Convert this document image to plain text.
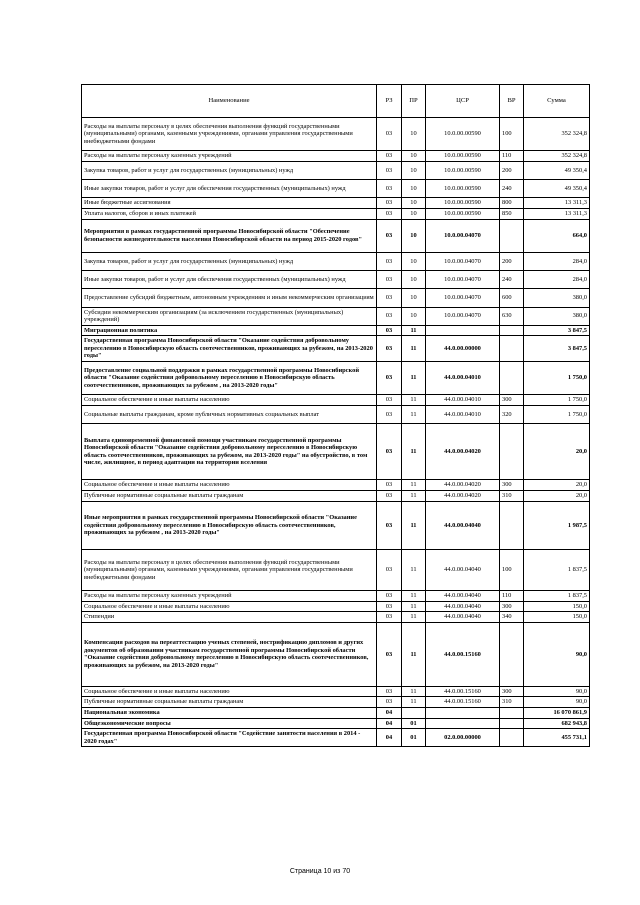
Наименование	РЗ	ПР	ЦСР	ВР	Сумма
Расходы на выплаты персоналу в целях обеспечения выполнения функций государственными (муниципальными) органами, казенными учреждениями, органами управления государственными внебюджетными фондами	03	10	10.0.00.00590	100	352 324,8
Расходы на выплаты персоналу казенных учреждений	03	10	10.0.00.00590	110	352 324,8
Закупка товаров, работ и услуг для государственных (муниципальных) нужд	03	10	10.0.00.00590	200	49 350,4
Иные закупки товаров, работ и услуг для обеспечения государственных (муниципальных) нужд	03	10	10.0.00.00590	240	49 350,4
Иные бюджетные ассигнования	03	10	10.0.00.00590	800	13 311,3
Уплата налогов, сборов и иных платежей	03	10	10.0.00.00590	850	13 311,3
Мероприятия в рамках государственной программы Новосибирской области "Обеспечение безопасности жизнедеятельности населения Новосибирской области на период 2015-2020 годов"	03	10	10.0.00.04070		664,0
Закупка товаров, работ и услуг для государственных (муниципальных) нужд	03	10	10.0.00.04070	200	284,0
Иные закупки товаров, работ и услуг для обеспечения государственных (муниципальных) нужд	03	10	10.0.00.04070	240	284,0
Предоставление субсидий бюджетным, автономным учреждениям и иным некоммерческим организациям	03	10	10.0.00.04070	600	380,0
Субсидии некоммерческим организациям (за исключением государственных (муниципальных) учреждений)	03	10	10.0.00.04070	630	380,0
Миграционная политика	03	11			3 847,5
Государственная программа Новосибирской области "Оказание содействия добровольному переселению в Новосибирскую область соотечественников, проживающих за рубежом, на 2013-2020 годы"	03	11	44.0.00.00000		3 847,5
Предоставление социальной поддержки в рамках государственной программы Новосибирской области "Оказание содействия добровольному переселению в Новосибирскую область соотечественников, проживающих за рубежом , на 2013-2020 годы"	03	11	44.0.00.04010		1 750,0
Социальное обеспечение и иные выплаты населению	03	11	44.0.00.04010	300	1 750,0
Социальные выплаты гражданам, кроме публичных нормативных социальных выплат	03	11	44.0.00.04010	320	1 750,0
Выплата единовременной финансовой помощи участникам государственной программы Новосибирской области "Оказание содействия добровольному переселению в Новосибирскую область соотечественников, проживающих за рубежом, на 2013-2020 годы" на обустройство, в том числе, жилищное, в период адаптации на территории вселения	03	11	44.0.00.04020		20,0
Социальное обеспечение и иные выплаты населению	03	11	44.0.00.04020	300	20,0
Публичные нормативные социальные выплаты гражданам	03	11	44.0.00.04020	310	20,0
Иные мероприятия в рамках государственной программы Новосибирской области "Оказание содействия добровольному переселению в Новосибирскую область соотечественников, проживающих за рубежом , на 2013-2020 годы"	03	11	44.0.00.04040		1 987,5
Расходы на выплаты персоналу в целях обеспечения выполнения функций государственными (муниципальными) органами, казенными учреждениями, органами управления государственными внебюджетными фондами	03	11	44.0.00.04040	100	1 837,5
Расходы на выплаты персоналу казенных учреждений	03	11	44.0.00.04040	110	1 837,5
Социальное обеспечение и иные выплаты населению	03	11	44.0.00.04040	300	150,0
Стипендии	03	11	44.0.00.04040	340	150,0
Компенсация расходов на переаттестацию ученых степеней, нострификацию дипломов и других документов об образовании участникам государственной программы Новосибирской области "Оказание содействия добровольному переселению в Новосибирскую область соотечественников, проживающих за рубежом, на 2013-2020 годы"	03	11	44.0.00.15160		90,0
Социальное обеспечение и иные выплаты населению	03	11	44.0.00.15160	300	90,0
Публичные нормативные социальные выплаты гражданам	03	11	44.0.00.15160	310	90,0
Национальная экономика	04				16 070 861,9
Общеэкономические вопросы	04	01			682 943,8
Государственная программа Новосибирской области "Содействие занятости населения в 2014 - 2020 годах"	04	01	02.0.00.00000		455 731,1
Страница 10 из 70
